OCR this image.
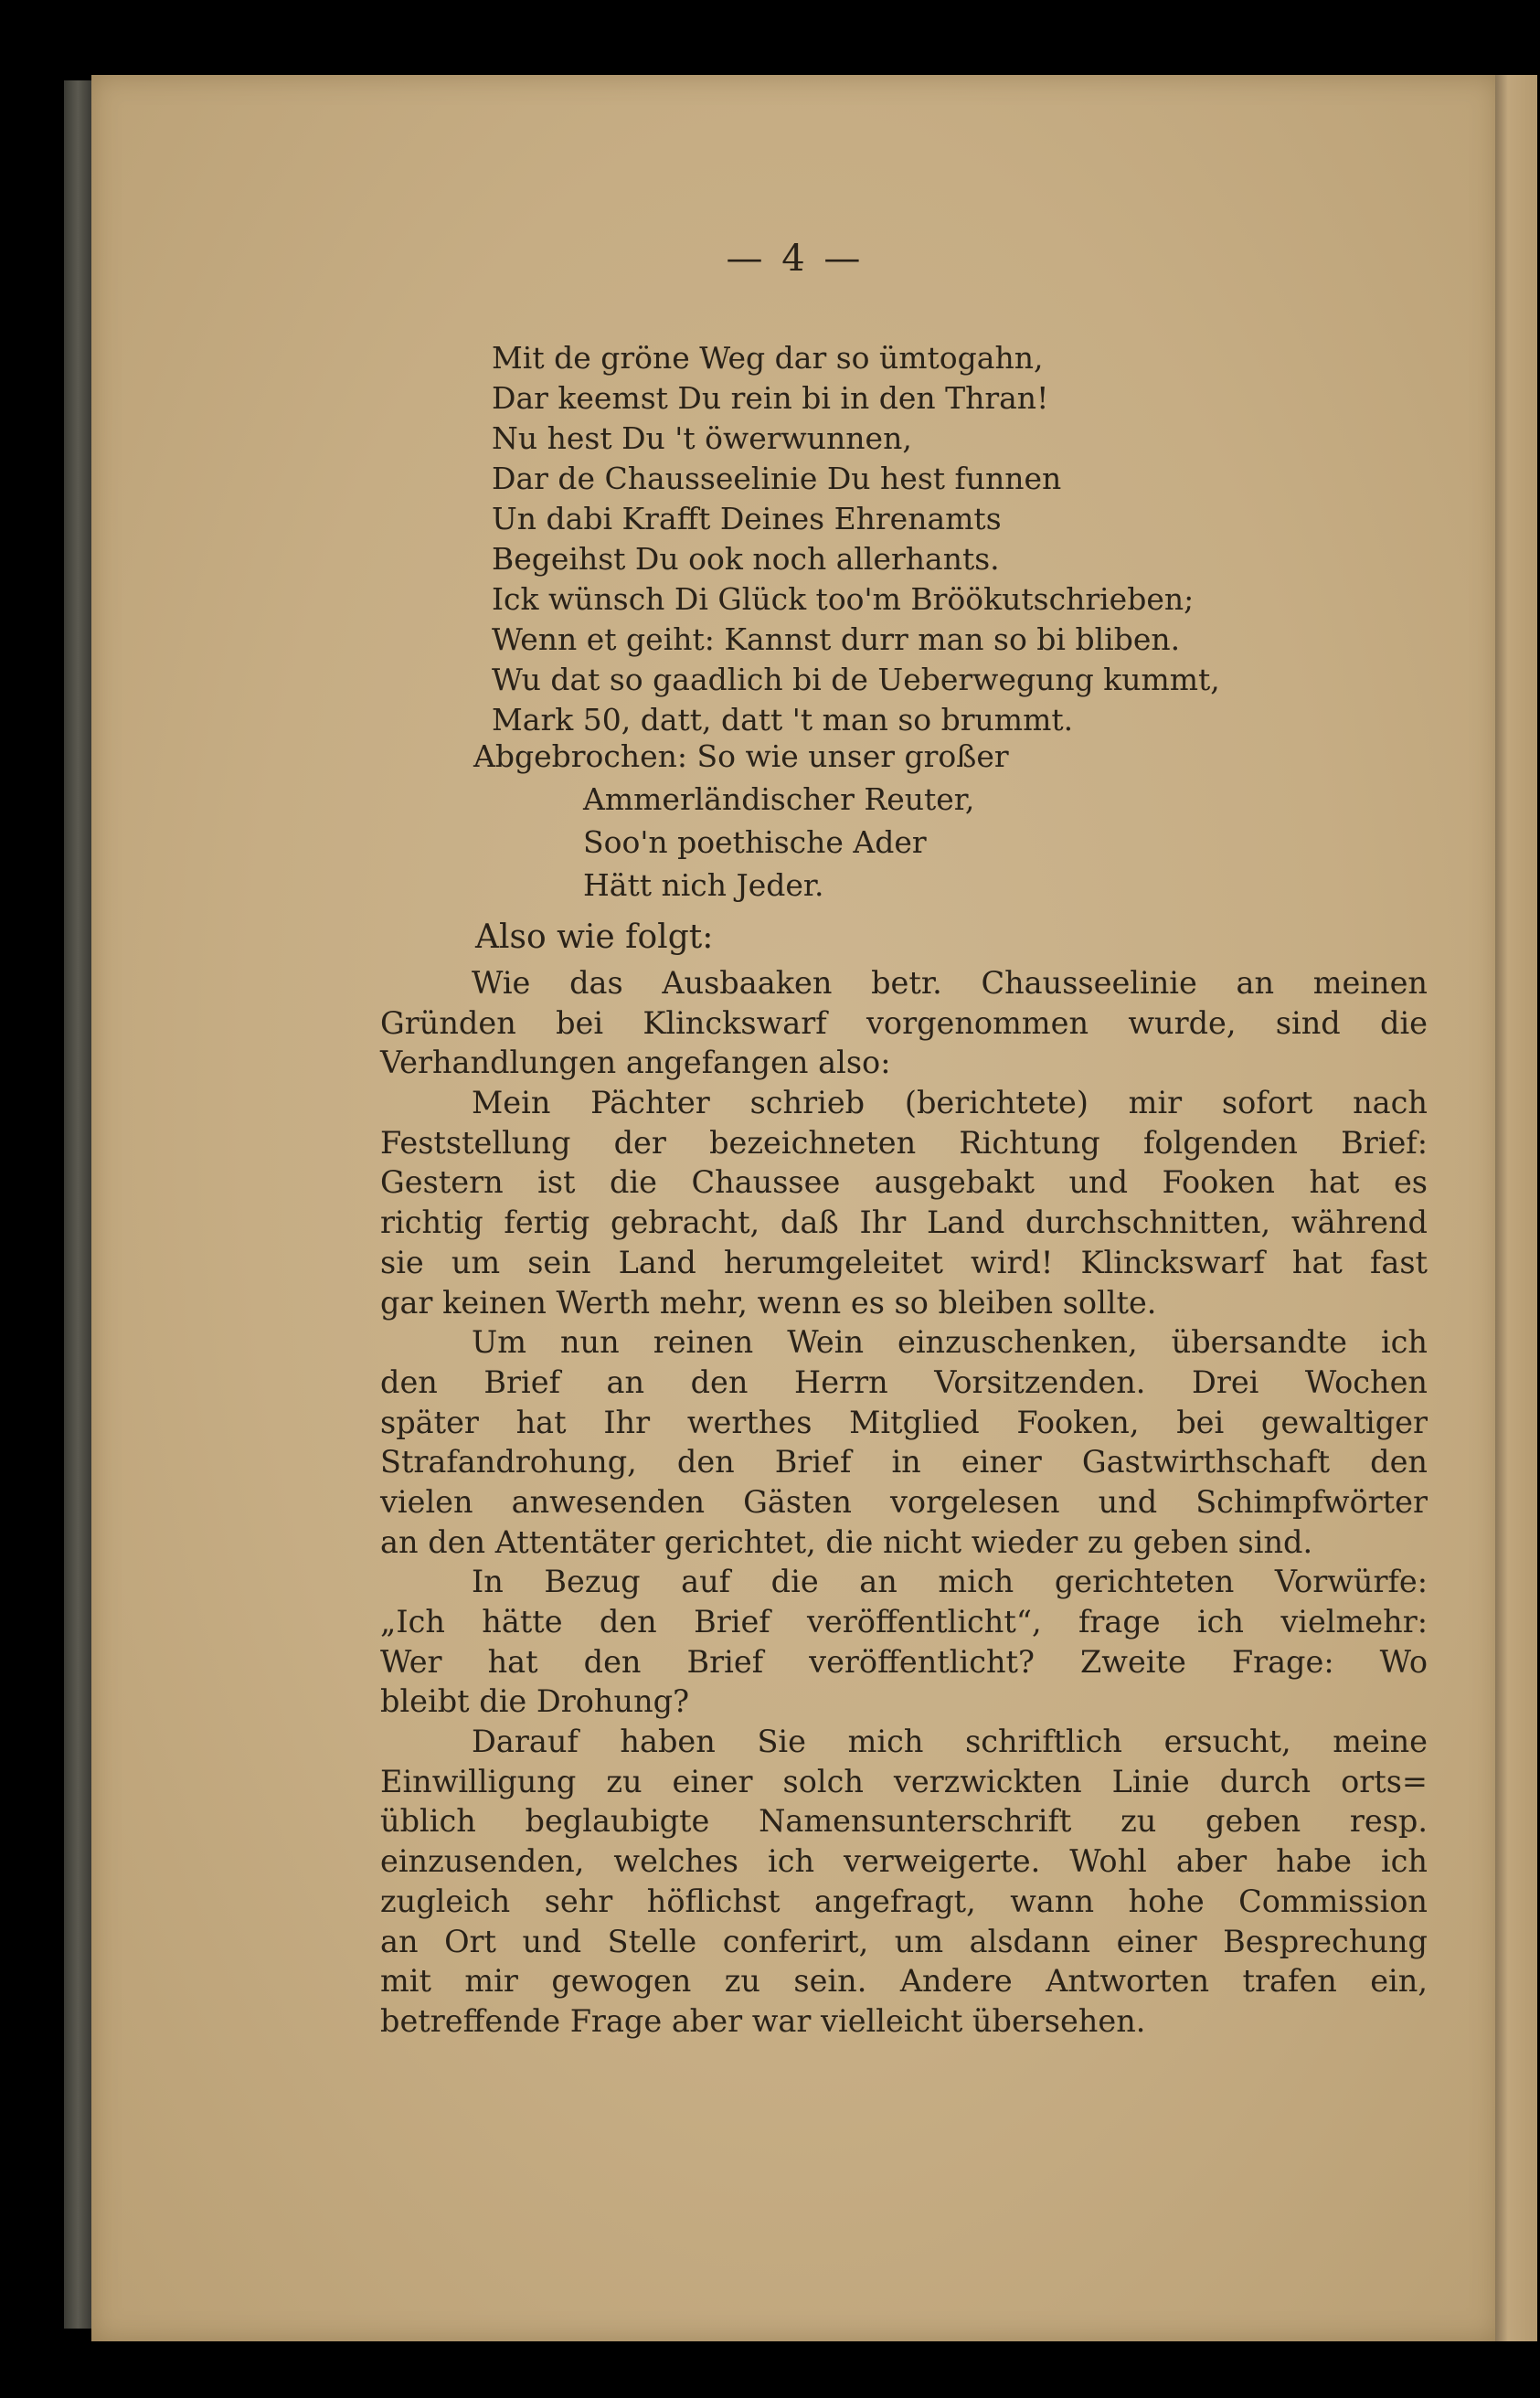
— 4 —
Mit de gröne Weg dar so ümtogahn,
Dar keemst Du rein bi in den Thran!
Nu hest Du 't öwerwunnen,
Dar de Chausseelinie Du hest funnen
Un dabi Krafft Deines Ehrenamts
Begeihst Du ook noch allerhants.
Ick wünsch Di Glück too'm Bröökutschrieben;
Wenn et geiht: Kannst durr man so bi bliben.
Wu dat so gaadlich bi de Ueberwegung kummt,
Mark 50, datt, datt 't man so brummt.
Abgebrochen: So wie unser großer
Ammerländischer Reuter,
Soo'n poethische Ader
Hätt nich Jeder.
Also wie folgt:

Wie das Ausbaaken betr. Chausseelinie an meinen
Gründen bei Klinckswarf vorgenommen wurde, sind die
Verhandlungen angefangen also:

Mein Pächter schrieb (berichtete) mir sofort nach
Feststellung der bezeichneten Richtung folgenden Brief:
Gestern ist die Chaussee ausgebakt und Fooken hat es
richtig fertig gebracht, daß Ihr Land durchschnitten, während
sie um sein Land herumgeleitet wird! Klinckswarf hat fast
gar keinen Werth mehr, wenn es so bleiben sollte.

Um nun reinen Wein einzuschenken, übersandte ich
den Brief an den Herrn Vorsitzenden. Drei Wochen
später hat Ihr werthes Mitglied Fooken, bei gewaltiger
Strafandrohung, den Brief in einer Gastwirthschaft den
vielen anwesenden Gästen vorgelesen und Schimpfwörter
an den Attentäter gerichtet, die nicht wieder zu geben sind.

In Bezug auf die an mich gerichteten Vorwürfe:
„Ich hätte den Brief veröffentlicht“, frage ich vielmehr:
Wer hat den Brief veröffentlicht? Zweite Frage: Wo
bleibt die Drohung?

Darauf haben Sie mich schriftlich ersucht, meine
Einwilligung zu einer solch verzwickten Linie durch orts=
üblich beglaubigte Namensunterschrift zu geben resp.
einzusenden, welches ich verweigerte. Wohl aber habe ich
zugleich sehr höflichst angefragt, wann hohe Commission
an Ort und Stelle conferirt, um alsdann einer Besprechung
mit mir gewogen zu sein. Andere Antworten trafen ein,
betreffende Frage aber war vielleicht übersehen.
